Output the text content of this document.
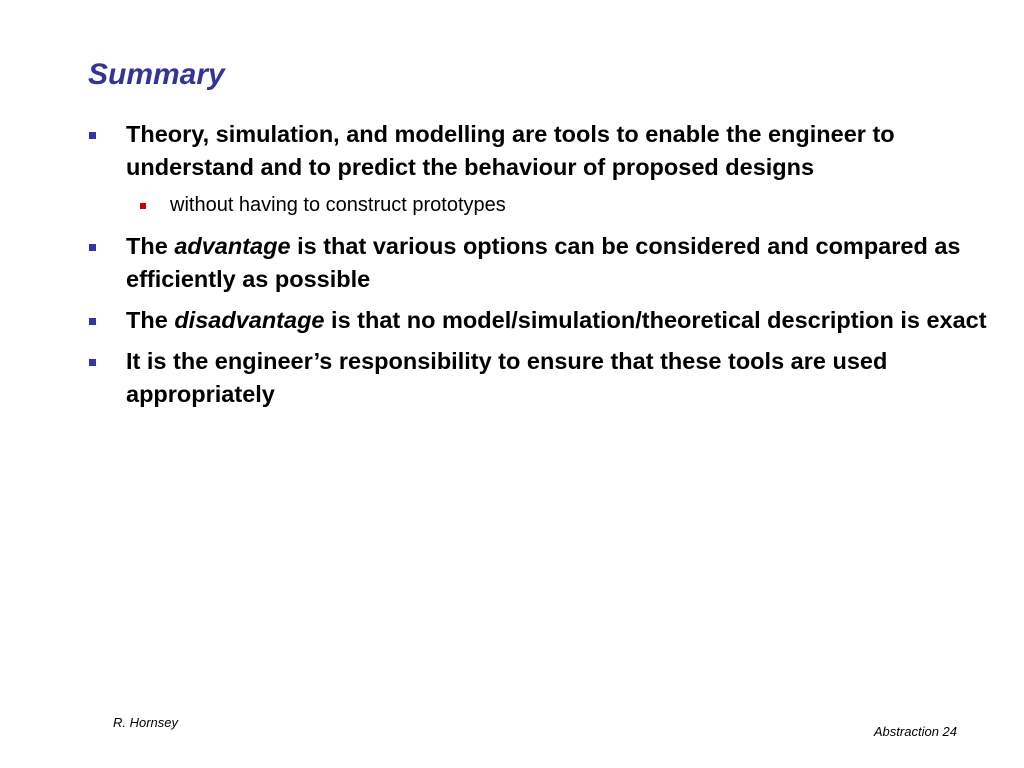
Summary
Theory, simulation, and modelling are tools to enable the engineer to understand and to predict the behaviour of proposed designs
without having to construct prototypes
The advantage is that various options can be considered and compared as efficiently as possible
The disadvantage is that no model/simulation/theoretical description is exact
It is the engineer’s responsibility to ensure that these tools are used appropriately
R. Hornsey
Abstraction 24
